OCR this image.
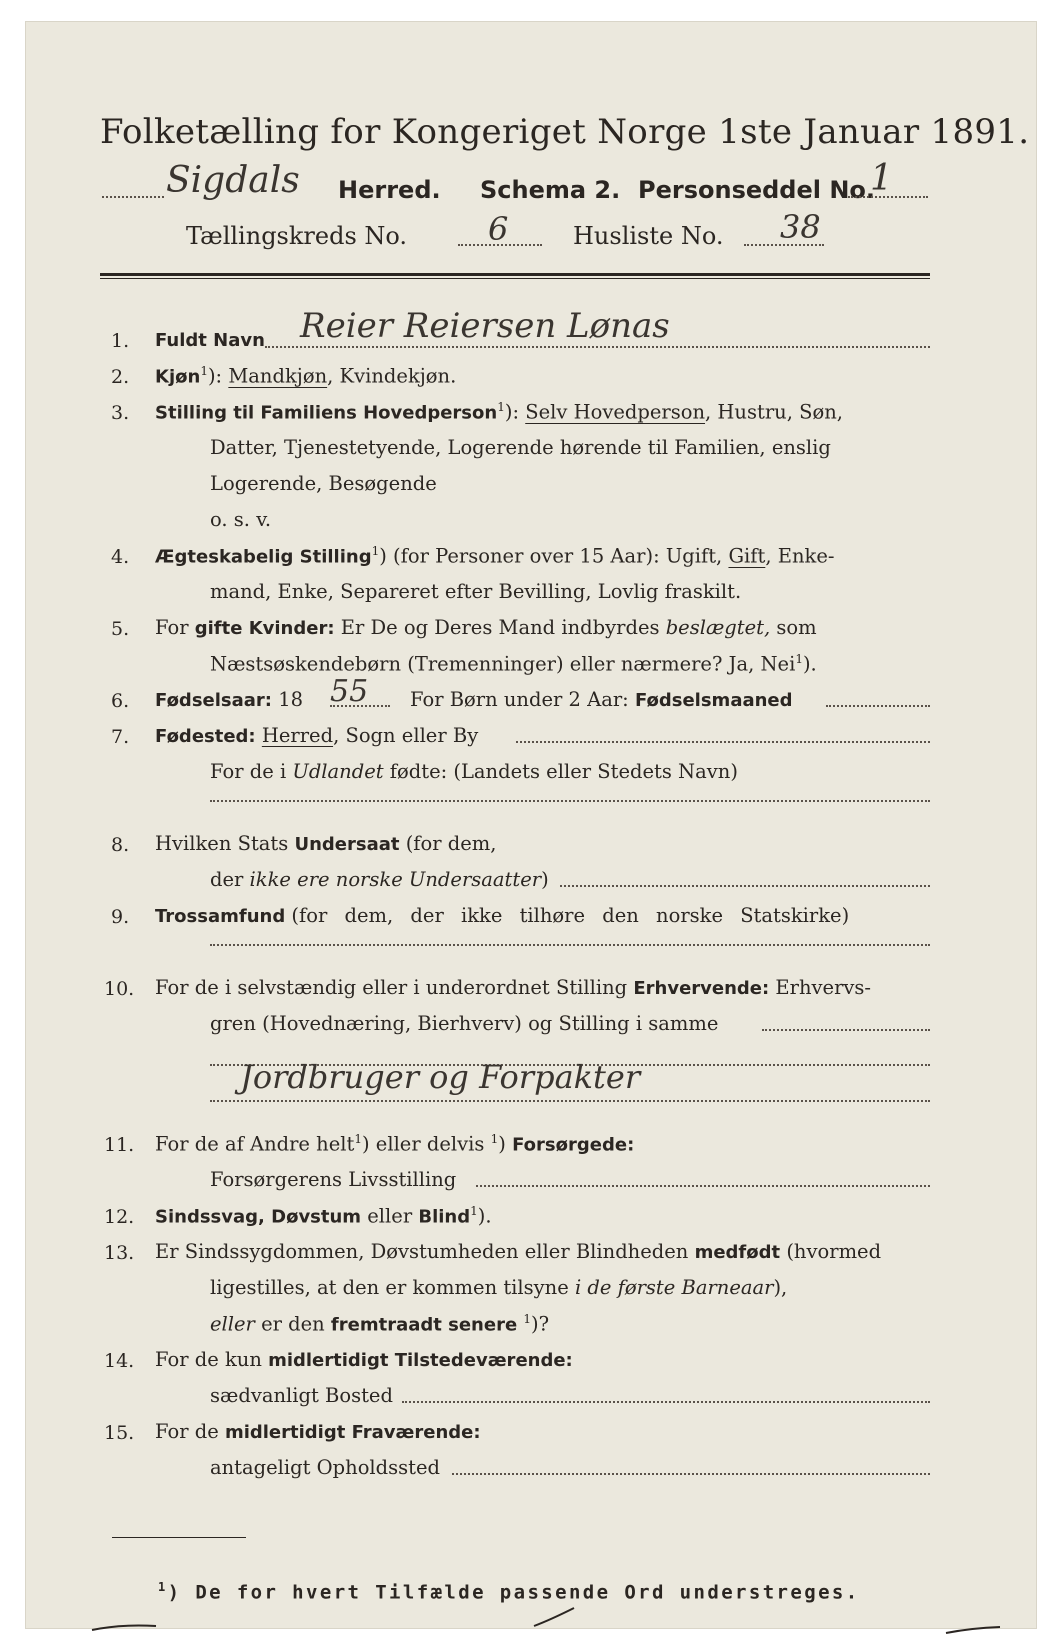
Folketælling for Kongeriget Norge 1ste Januar 1891.
Sigdals Herred. Schema 2. Personseddel No.
1
Tællingskreds No.	6	Husliste No. 38
1. Fuldt Navn Reier Reiersen Lønas
2. Kjøn$^1$): Mandkjøn, Kvindekjøn.
3. Stilling til Familiens Hovedperson$^1$): Selv Hovedperson, Hustru, Søn,
Datter, Tjenestetyende, Logerende hørende til Familien, enslig
Logerende, Besøgende
o. s. v.
4. Ægteskabelig Stilling$^1$) (for Personer over 15 Aar): Ugift, Gift, Enke-
mand, Enke, Separeret efter Bevilling, Lovlig fraskilt.
5. For gifte Kvinder: Er De og Deres Mand indbyrdes beslægtet, som
Næstsøskendebørn (Tremenninger) eller nærmere? Ja, Nei$^1$).
6. Fødselsaar: 18 55 For Børn under 2 Aar: Fødselsmaaned
7. Fødested: Herred, Sogn eller By
For de i Udlandet fødte: (Landets eller Stedets Navn)
8. Hvilken Stats Undersaat (for dem,
der ikke ere norske Undersaatter)
9. Trossamfund (for dem, der ikke tilhøre den norske Statskirke)
10. For de i selvstændig eller i underordnet Stilling Erhvervende: Erhvervs-
gren (Hovednæring, Bierhverv) og Stilling i samme
Jordbruger og Forpakter
11. For de af Andre helt$^1$) eller delvis $^1$) Forsørgede:
Forsørgerens Livsstilling
12. Sindssvag, Døvstum eller Blind$^1$).
13. Er Sindssygdommen, Døvstumheden eller Blindheden medfødt (hvormed
ligestilles, at den er kommen tilsyne i de første Barneaar),
eller er den fremtraadt senere $^1$)?
14. For de kun midlertidigt Tilstedeværende:
sædvanligt Bosted
15. For de midlertidigt Fraværende:
antageligt Opholdssted
$^1$) De for hvert Tilfælde passende Ord understreges.
